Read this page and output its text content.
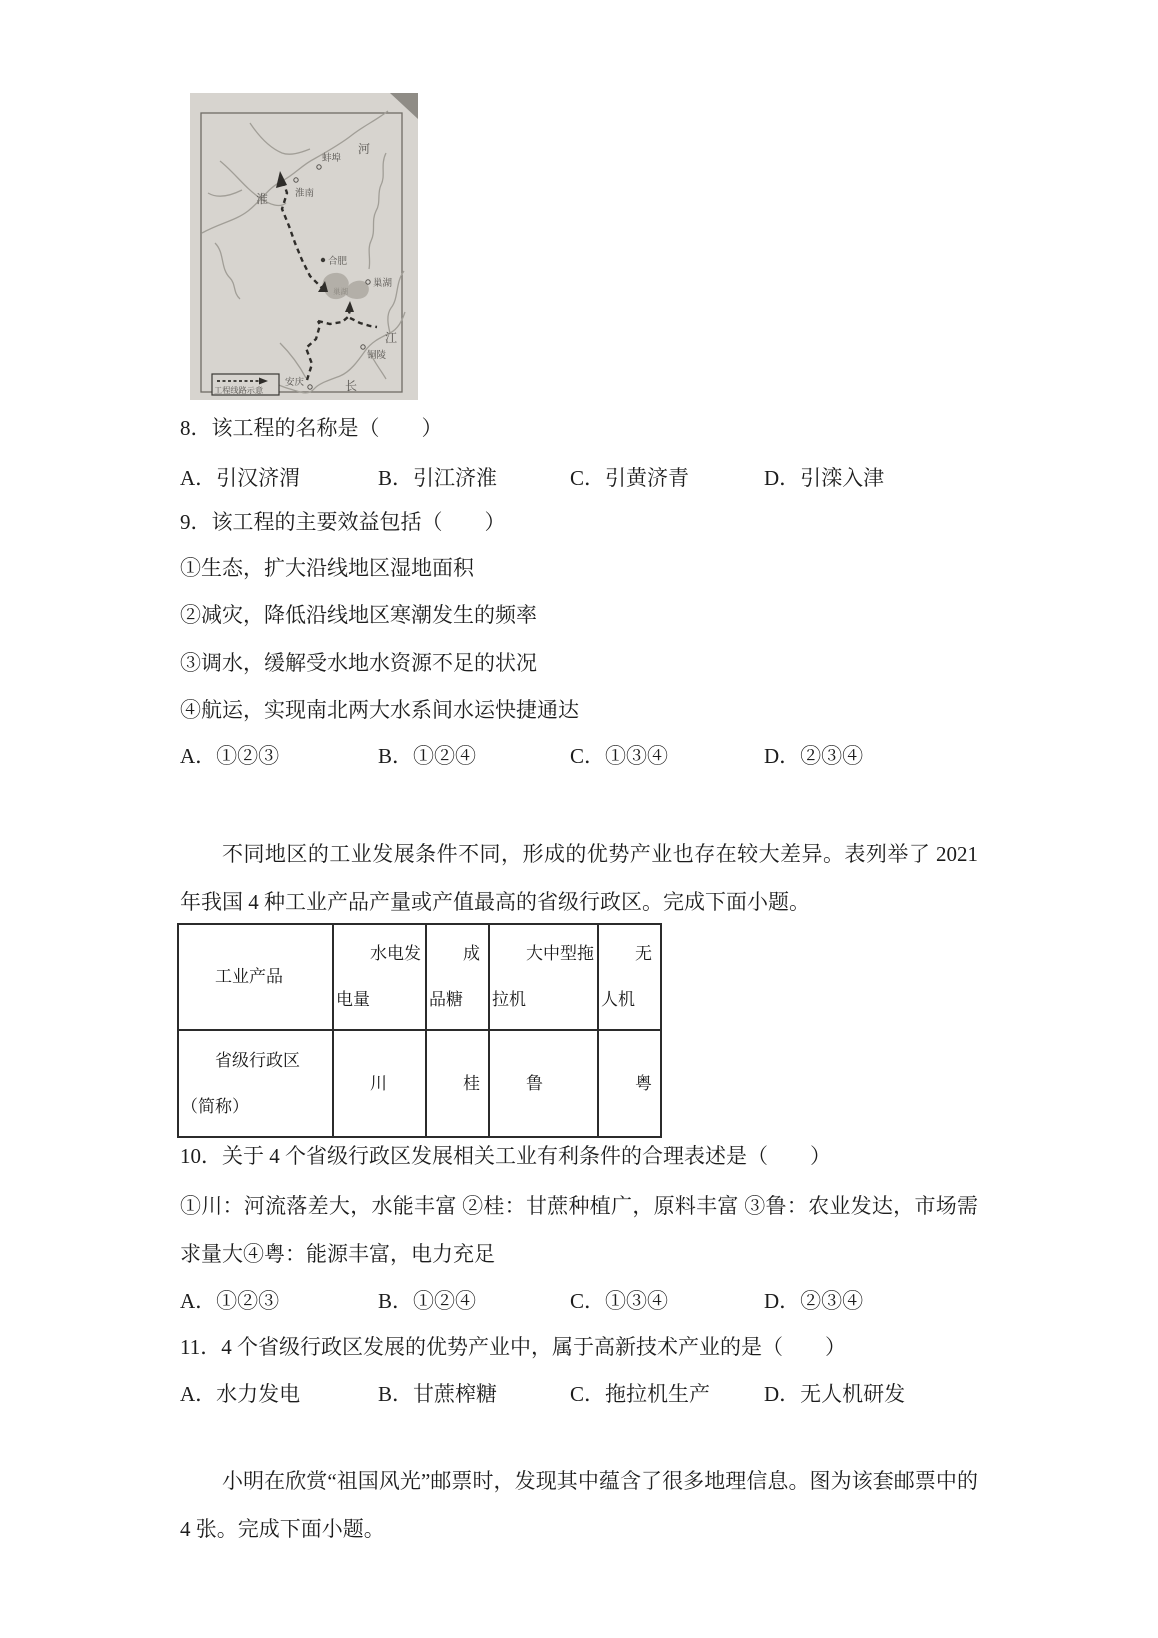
巢湖
蚌埠
淮南
合肥
巢湖
铜陵
安庆
淮
河
长
江
工程线路示意
8．该工程的名称是（　　）
A．引汉济渭	B．引江济淮	C．引黄济青	D．引滦入津
9．该工程的主要效益包括（　　）
①生态，扩大沿线地区湿地面积
②减灾，降低沿线地区寒潮发生的频率
③调水，缓解受水地水资源不足的状况
④航运，实现南北两大水系间水运快捷通达
A．①②③	B．①②④	C．①③④	D．②③④
不同地区的工业发展条件不同，形成的优势产业也存在较大差异。表列举了 2021年我国 4 种工业产品产量或产值最高的省级行政区。完成下面小题。
工业产品	水电发电量	成品糖	大中型拖拉机	无人机
省级行政区（简称）	川	桂	鲁	粤
10．关于 4 个省级行政区发展相关工业有利条件的合理表述是（　　）
①川：河流落差大，水能丰富 ②桂：甘蔗种植广，原料丰富 ③鲁：农业发达，市场需求量大④粤：能源丰富，电力充足
A．①②③	B．①②④	C．①③④	D．②③④
11．4 个省级行政区发展的优势产业中，属于高新技术产业的是（　　）
A．水力发电	B．甘蔗榨糖	C．拖拉机生产	D．无人机研发
小明在欣赏“祖国风光”邮票时，发现其中蕴含了很多地理信息。图为该套邮票中的 4 张。完成下面小题。
